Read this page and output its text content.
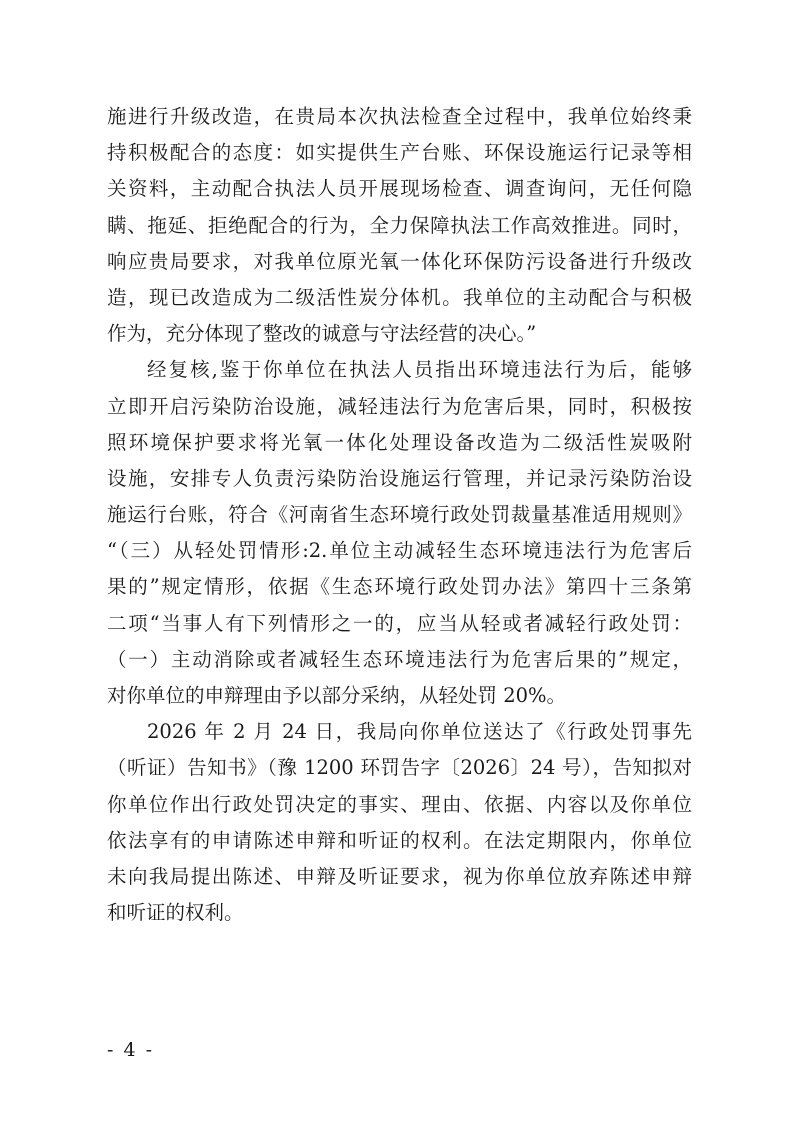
施进行升级改造，在贵局本次执法检查全过程中，我单位始终秉
持积极配合的态度：如实提供生产台账、环保设施运行记录等相
关资料，主动配合执法人员开展现场检查、调查询问，无任何隐
瞒、拖延、拒绝配合的行为，全力保障执法工作高效推进。同时，
响应贵局要求，对我单位原光氧一体化环保防污设备进行升级改
造，现已改造成为二级活性炭分体机。我单位的主动配合与积极
作为，充分体现了整改的诚意与守法经营的决心。”
经复核,鉴于你单位在执法人员指出环境违法行为后，能够
立即开启污染防治设施，减轻违法行为危害后果，同时，积极按
照环境保护要求将光氧一体化处理设备改造为二级活性炭吸附
设施，安排专人负责污染防治设施运行管理，并记录污染防治设
施运行台账，符合《河南省生态环境行政处罚裁量基准适用规则》
“（三）从轻处罚情形:2.单位主动减轻生态环境违法行为危害后
果的”规定情形，依据《生态环境行政处罚办法》第四十三条第
二项“当事人有下列情形之一的，应当从轻或者减轻行政处罚：
（一）主动消除或者减轻生态环境违法行为危害后果的”规定，
对你单位的申辩理由予以部分采纳，从轻处罚 20%。
2026 年 2 月 24 日，我局向你单位送达了《行政处罚事先
（听证）告知书》（豫 1200 环罚告字〔2026〕24 号），告知拟对
你单位作出行政处罚决定的事实、理由、依据、内容以及你单位
依法享有的申请陈述申辩和听证的权利。在法定期限内，你单位
未向我局提出陈述、申辩及听证要求，视为你单位放弃陈述申辩
和听证的权利。
- 4 -
